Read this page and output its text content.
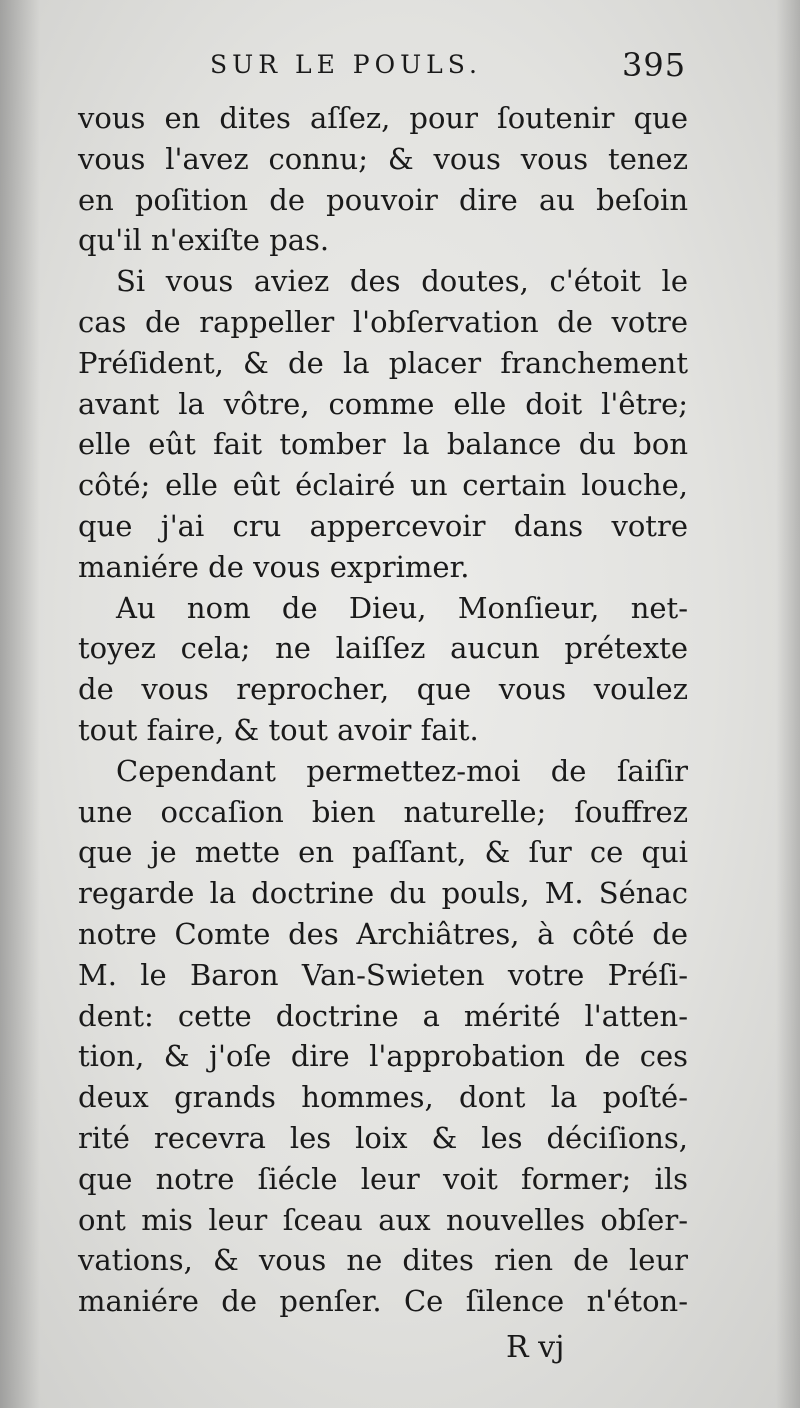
SUR LE POULS.	395
vous en dites aſſez, pour ſoutenir que
vous l'avez connu; & vous vous tenez
en poſition de pouvoir dire au beſoin
qu'il n'exiſte pas.
Si vous aviez des doutes, c'étoit le
cas de rappeller l'obſervation de votre
Préſident, & de la placer franchement
avant la vôtre, comme elle doit l'être;
elle eût fait tomber la balance du bon
côté; elle eût éclairé un certain louche,
que j'ai cru appercevoir dans votre
maniére de vous exprimer.
Au nom de Dieu, Monſieur, net-
toyez cela; ne laiſſez aucun prétexte
de vous reprocher, que vous voulez
tout faire, & tout avoir fait.
Cependant permettez-moi de ſaiſir
une occaſion bien naturelle; ſouffrez
que je mette en paſſant, & ſur ce qui
regarde la doctrine du pouls, M. Sénac
notre Comte des Archiâtres, à côté de
M. le Baron Van-Swieten votre Préſi-
dent: cette doctrine a mérité l'atten-
tion, & j'oſe dire l'approbation de ces
deux grands hommes, dont la poſté-
rité recevra les loix & les déciſions,
que notre ſiécle leur voit former; ils
ont mis leur ſceau aux nouvelles obſer-
vations, & vous ne dites rien de leur
maniére de penſer. Ce ſilence n'éton-
R vj
